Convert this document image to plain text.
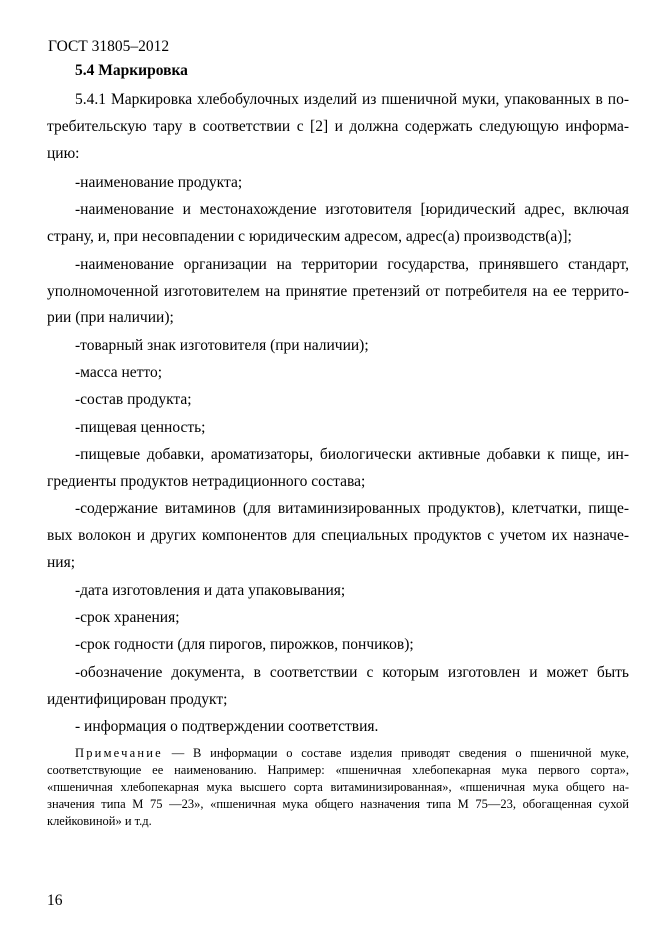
ГОСТ 31805–2012
5.4 Маркировка
5.4.1 Маркировка хлебобулочных изделий из пшеничной муки, упакованных в по-
требительскую тару в соответствии с [2] и должна содержать следующую информа-
цию:
-наименование продукта;
-наименование и местонахождение изготовителя [юридический адрес, включая
страну, и, при несовпадении с юридическим адресом, адрес(а) производств(а)];
-наименование организации на территории государства, принявшего стандарт,
уполномоченной изготовителем на принятие претензий от потребителя на ее террито-
рии (при наличии);
-товарный знак изготовителя (при наличии);
-масса нетто;
-состав продукта;
-пищевая ценность;
-пищевые добавки, ароматизаторы, биологически активные добавки к пище, ин-
гредиенты продуктов нетрадиционного состава;
-содержание витаминов (для витаминизированных продуктов), клетчатки, пище-
вых волокон и других компонентов для специальных продуктов с учетом их назначе-
ния;
-дата изготовления и дата упаковывания;
-срок хранения;
-срок годности (для пирогов, пирожков, пончиков);
-обозначение документа, в соответствии с которым изготовлен и может быть
идентифицирован продукт;
- информация о подтверждении соответствия.
Примечание — В информации о составе изделия приводят сведения о пшеничной муке,
соответствующие ее наименованию. Например: «пшеничная хлебопекарная мука первого сорта»,
«пшеничная хлебопекарная мука высшего сорта витаминизированная», «пшеничная мука общего на-
значения типа М 75 —23», «пшеничная мука общего назначения типа М 75—23, обогащенная сухой
клейковиной» и т.д.
16
